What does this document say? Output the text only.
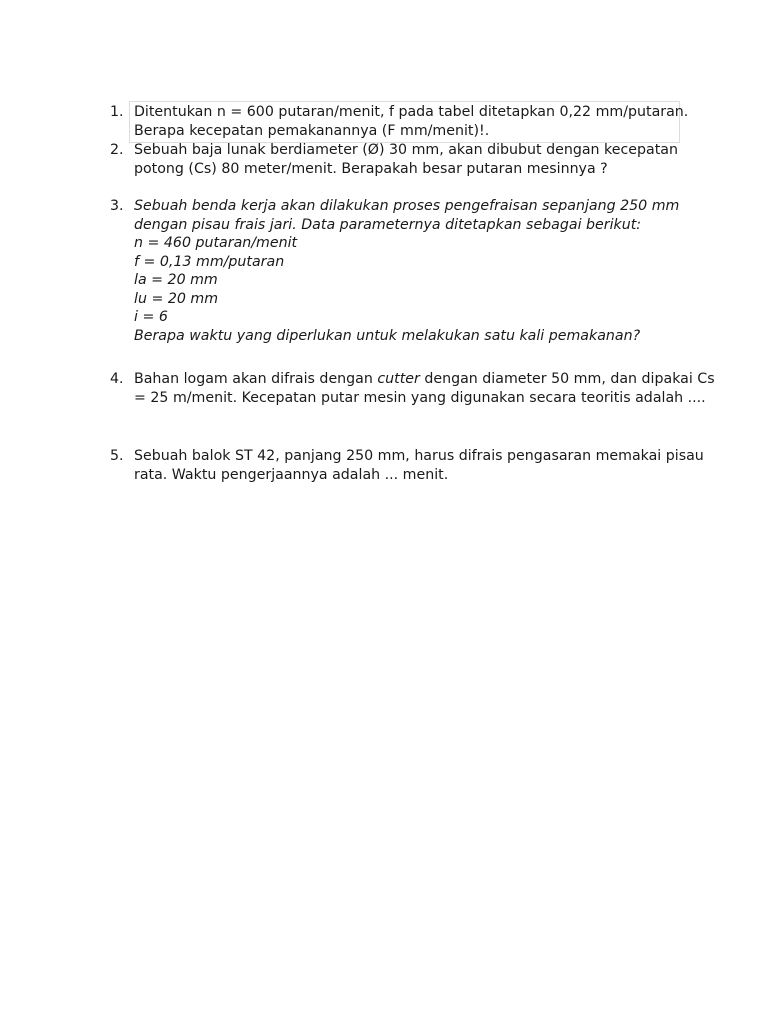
1. Ditentukan n = 600 putaran/menit, f pada tabel ditetapkan 0,22 mm/putaran.
Berapa kecepatan pemakanannya (F mm/menit)!.
2. Sebuah baja lunak berdiameter (Ø) 30 mm, akan dibubut dengan kecepatan
potong (Cs) 80 meter/menit. Berapakah besar putaran mesinnya ?
3. Sebuah benda kerja akan dilakukan proses pengefraisan sepanjang 250 mm
dengan pisau frais jari. Data parameternya ditetapkan sebagai berikut:
n = 460 putaran/menit
f = 0,13 mm/putaran
la = 20 mm
lu = 20 mm
i = 6
Berapa waktu yang diperlukan untuk melakukan satu kali pemakanan?
4. Bahan logam akan difrais dengan cutter dengan diameter 50 mm, dan dipakai Cs
= 25 m/menit. Kecepatan putar mesin yang digunakan secara teoritis adalah ....
5. Sebuah balok ST 42, panjang 250 mm, harus difrais pengasaran memakai pisau
rata. Waktu pengerjaannya adalah ... menit.
